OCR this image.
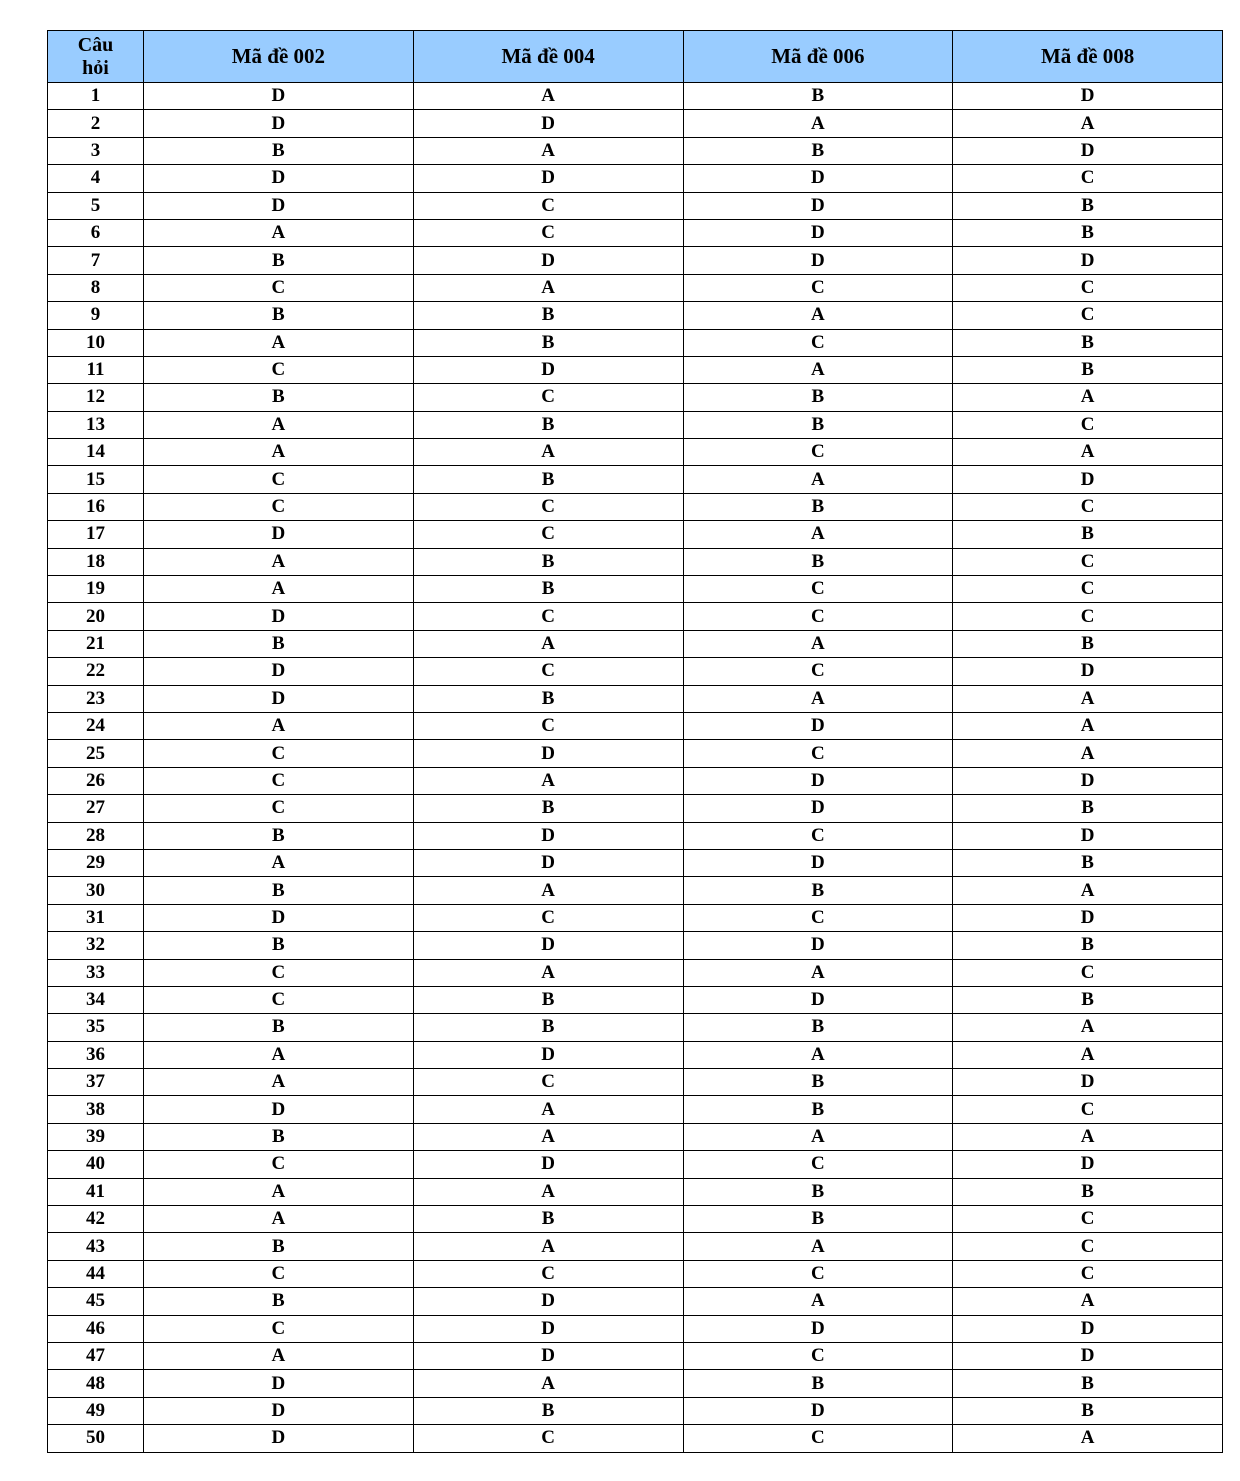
Câu
hỏi	Mã đề 002	Mã đề 004	Mã đề 006	Mã đề 008
1	D	A	B	D
2	D	D	A	A
3	B	A	B	D
4	D	D	D	C
5	D	C	D	B
6	A	C	D	B
7	B	D	D	D
8	C	A	C	C
9	B	B	A	C
10	A	B	C	B
11	C	D	A	B
12	B	C	B	A
13	A	B	B	C
14	A	A	C	A
15	C	B	A	D
16	C	C	B	C
17	D	C	A	B
18	A	B	B	C
19	A	B	C	C
20	D	C	C	C
21	B	A	A	B
22	D	C	C	D
23	D	B	A	A
24	A	C	D	A
25	C	D	C	A
26	C	A	D	D
27	C	B	D	B
28	B	D	C	D
29	A	D	D	B
30	B	A	B	A
31	D	C	C	D
32	B	D	D	B
33	C	A	A	C
34	C	B	D	B
35	B	B	B	A
36	A	D	A	A
37	A	C	B	D
38	D	A	B	C
39	B	A	A	A
40	C	D	C	D
41	A	A	B	B
42	A	B	B	C
43	B	A	A	C
44	C	C	C	C
45	B	D	A	A
46	C	D	D	D
47	A	D	C	D
48	D	A	B	B
49	D	B	D	B
50	D	C	C	A
